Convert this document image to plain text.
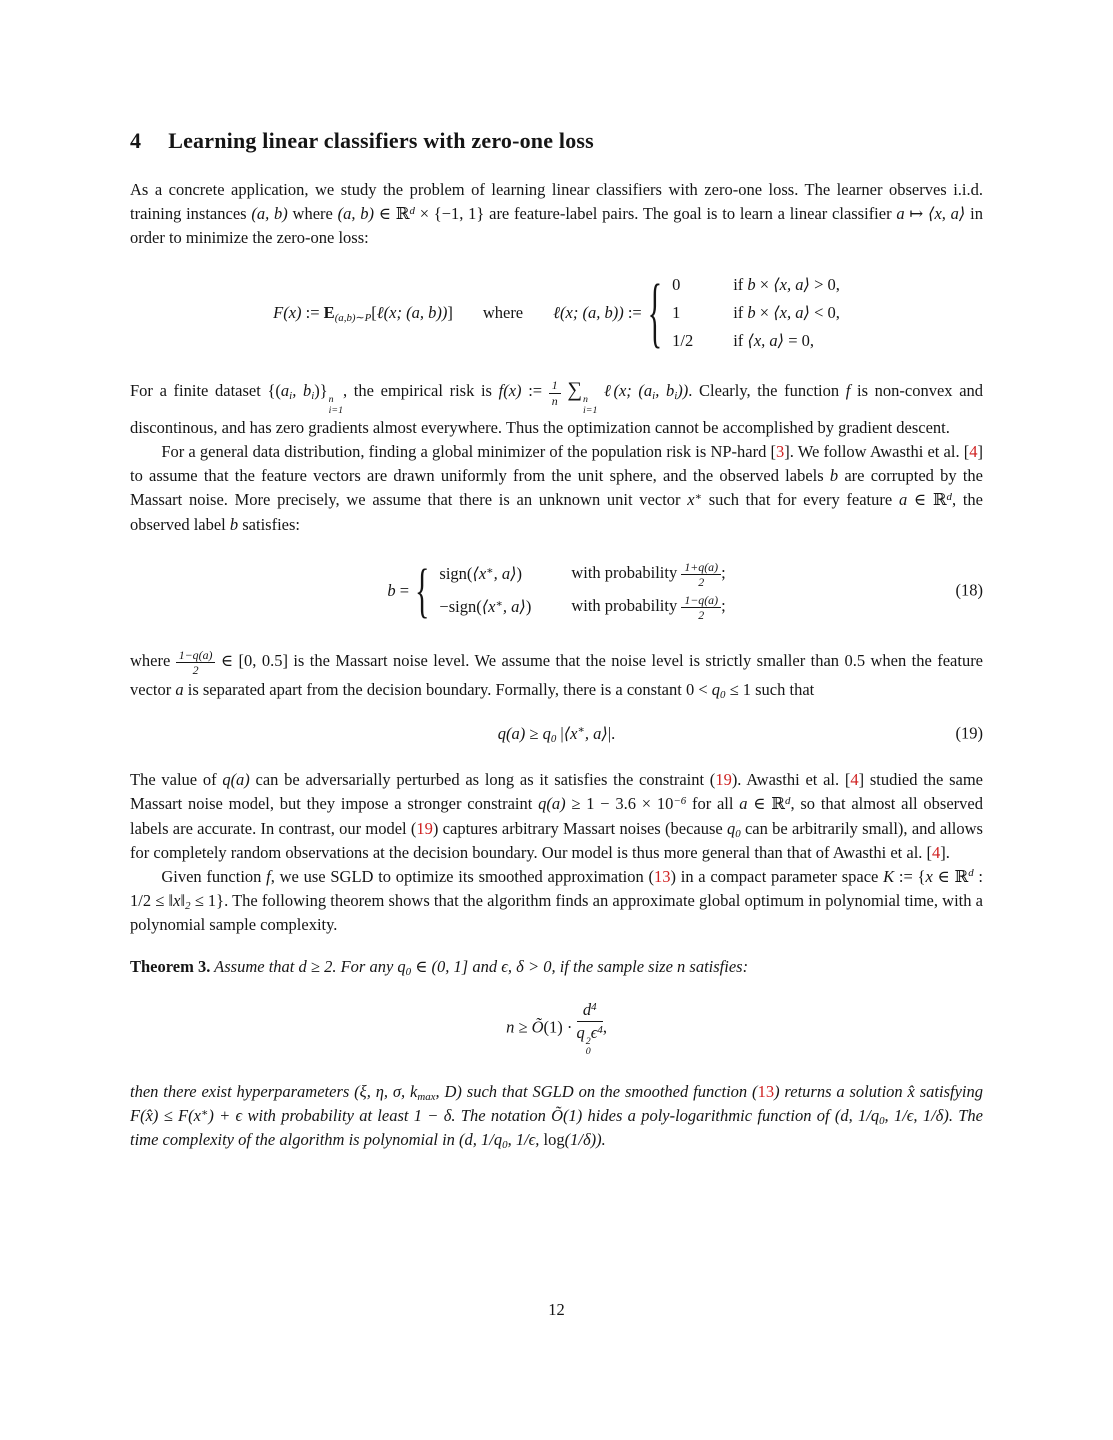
4 Learning linear classifiers with zero-one loss

As a concrete application, we study the problem of learning linear classifiers with zero-one loss. The learner observes i.i.d. training instances (a, b) where (a, b) ∈ ℝ$^d$ × {−1, 1} are feature-label pairs. The goal is to learn a linear classifier a ↦ ⟨x, a⟩ in order to minimize the zero-one loss:

F(x) := $E_{(a,b)\sim P}[\ell(x$; (a, b))] where ℓ(x; (a, b)) := { 0	if b × ⟨x, a⟩ > 0,
1	if b × ⟨x, a⟩ < 0,
1/2	if ⟨x, a⟩ = 0,

For a finite dataset {($a_i$, $b_i$)} n
i=1
, the empirical risk is f(x) := $\frac{1}{n}$ ∑ n
i=1
ℓ(x; ($a_i$, $b_i$)). Clearly, the function f is non-convex and discontinous, and has zero gradients almost everywhere. Thus the optimization cannot be accomplished by gradient descent.

For a general data distribution, finding a global minimizer of the population risk is NP-hard [3]. We follow Awasthi et al. [4] to assume that the feature vectors are drawn uniformly from the unit sphere, and the observed labels b are corrupted by the Massart noise. More precisely, we assume that there is an unknown unit vector x∗ such that for every feature a ∈ ℝ$^d$, the observed label b satisfies:

b = { sign(⟨x∗, a⟩)	with probability $\frac{1+q(a)}{2}$ ;
−sign(⟨x∗, a⟩)	with probability $\frac{1-q(a)}{2}$ ;
(18)

where $\frac{1-q(a)}{2}$ ∈ [0, 0.5] is the Massart noise level. We assume that the noise level is strictly smaller than 0.5 when the feature vector a is separated apart from the decision boundary. Formally, there is a constant $0 < q_0 \le 1$ such that

$q(a) \ge q_0$ |⟨x∗, a⟩|.	(19)

The value of q(a) can be adversarially perturbed as long as it satisfies the constraint (19). Awasthi et al. [4] studied the same Massart noise model, but they impose a stronger constraint $q(a) \ge 1 - 3.6 \times 10^{-6}$ for all a ∈ ℝ$^d$, so that almost all observed labels are accurate. In contrast, our model (19) captures arbitrary Massart noises (because $q_0$ can be arbitrarily small), and allows for completely random observations at the decision boundary. Our model is thus more general than that of Awasthi et al. [4].

Given function f, we use SGLD to optimize its smoothed approximation (13) in a compact parameter space K := {x ∈ ℝ$^d$ : $1/2 \le ‖x‖_2 \le 1$}. The following theorem shows that the algorithm finds an approximate global optimum in polynomial time, with a polynomial sample complexity.

Theorem 3. Assume that d ≥ 2. For any $q_0$ ∈ (0, 1] and ϵ, δ > 0, if the sample size n satisfies:

n ≥ Õ(1) · $d^4$
q 2
0
$\epsilon^4$ ,

then there exist hyperparameters (ξ, η, σ, $k_{max}$, D) such that SGLD on the smoothed function (13) returns a solution x̂ satisfying F(x̂) ≤ F(x∗) + ϵ with probability at least 1 − δ. The notation Õ(1) hides a poly-logarithmic function of (d, $1/q_0$, 1/ϵ, 1/δ). The time complexity of the algorithm is polynomial in (d, $1/q_0$, 1/ϵ, log(1/δ)).

12
